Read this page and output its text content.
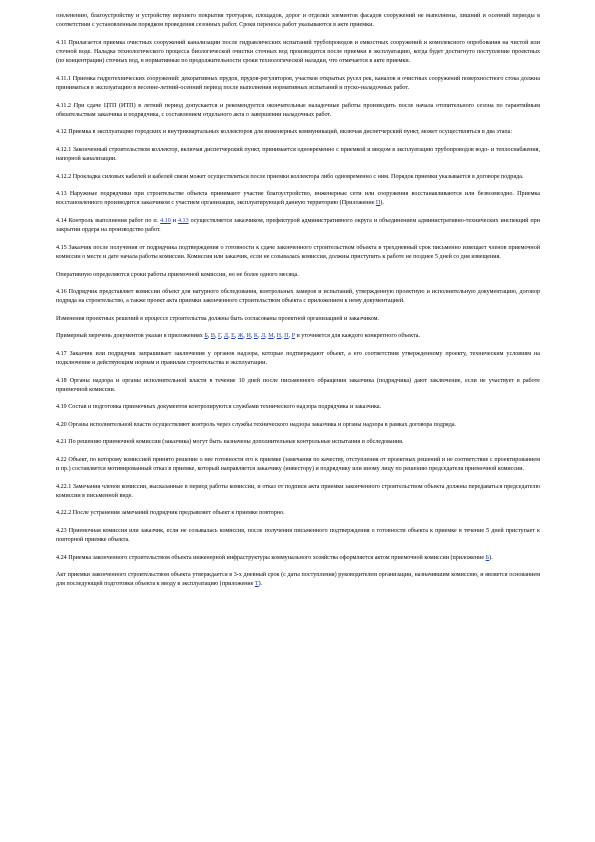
озеленению, благоустройству и устройству верхнего покрытия тротуаров, площадок, дорог и отделки элементов фасадов сооружений не выполнены, лишний и осенний периоды в соответствии с установленным порядком проведения сезонных работ. Сроки переноса работ указываются в акте приемки.

4.11 Прилагается приемка очистных сооружений канализации после гидравлических испытаний трубопроводов и емкостных сооружений и комплексного опробования на чистой или сточной воде. Наладка технологического процесса биологической очистки сточных вод производится после приемки в эксплуатацию, когда будет достигнуто поступление проектных (по концентрации) сточных вод, в нормативные по продолжительности сроки технологической наладки, что отмечается в акте приемки.

4.11.1 Приемка гидротехнических сооружений: декоративных прудов, прудов-регуляторов, участков открытых русел рек, каналов и очистных сооружений поверхностного стока должна приниматься в эксплуатацию в весенне-летний-осенний период после выполнения нормативных испытаний и пуско-наладочных работ.

4.11.2 При сдаче ЦТП (ИТП) в летний период допускается и рекомендуется окончательные наладочные работы производить после начала отопительного сезона по гарантийным обязательствам заказчика и подрядчика, с составлением отдельного акта о завершении наладочных работ.

4.12 Приемка в эксплуатацию городских и внутриквартальных коллекторов для инженерных коммуникаций, включая диспетчерский пункт, может осуществляться в два этапа:

4.12.1 Законченный строительством коллектор, включая диспетчерский пункт, принимается одновременно с приемкой и вводом в эксплуатацию трубопроводов водо- и теплоснабжения, напорной канализации.

4.12.2 Прокладка силовых кабелей и кабелей связи может осуществляться после приемки коллектора либо одновременно с ним. Порядок приемки указывается в договоре подряда.

4.13 Наружные подрядчики при строительстве объекта принимают участие благоустройство, инженерные сети или сооружения восстанавливаются или безвозмездно. Приемка восстановленного производится заказчиком с участием организации, эксплуатирующей данную территорию (Приложение П).

4.14 Контроль выполнения работ по п. 4.10 и 4.13 осуществляется заказчиком, префектурой административного округа и объединением административно-технических инспекций при закрытии ордера на производство работ.

4.15 Заказчик после получения от подрядчика подтверждения о готовности к сдаче законченного строительством объекта в трехдневный срок письменно извещает членов приемочной комиссии о месте и дате начала работы комиссии. Комиссия или заказчик, если не созывалась комиссия, должны приступить к работе не позднее 5 дней со дня извещения.

Оперативную определяются сроки работы приемочной комиссии, но не более одного месяца.

4.16 Подрядчик представляет комиссии объект для натурного обследования, контрольных замеров и испытаний, утвержденную проектную и исполнительную документацию, договор подряда на строительство, а также проект акта приемки законченного строительством объекта с приложением к нему документацией.

Изменения проектных решений в процессе строительства должны быть согласованы проектной организацией и заказчиком.

Примерный перечень документов указан в приложениях Б, В, Г, Д, Е, Ж, И, К, Л, М, Н, П, Р и уточняется для каждого конкретного объекта.

4.17 Заказчик или подрядчик запрашивает заключения у органов надзора, которые подтверждают объект, а его соответствия утвержденному проекту, техническим условиям на подключение и действующим нормам и правилам строительства и эксплуатации.

4.18 Органы надзора и органы исполнительной власти в течение 10 дней после письменного обращения заказчика (подрядчика) дают заключение, если не участвует в работе приемочной комиссии.

4.19 Состав и подготовка приемочных документов контролируются службами технического надзора подрядчика и заказчика.

4.20 Органы исполнительной власти осуществляют контроль через службы технического надзора заказчика и органы надзора в рамках договора подряда.

4.21 По решению приемочной комиссии (заказчика) могут быть назначены дополнительные контрольные испытания и обследования.

4.22 Объект, по которому комиссией принято решение о нее готовности его к приемке (замечания по качеству, отступления от проектных решений и не соответствие с проектированием и пр.) составляется мотивированный отказ в приемке, который направляется заказчику (инвестору) и подрядчику или иному лицу по решению председателя приемочной комиссии.

4.22.1 Замечания членов комиссии, высказанные в период работы комиссии, и отказ от подписи акта приемки законченного строительством объекта должны передаваться председателю комиссии в письменной виде.

4.22.2 После устранения замечаний подрядчик предъявляет объект к приемке повторно.

4.23 Приемочная комиссия или заказчик, если не созывалась комиссия, после получения письменного подтверждения о готовности объекта к приемке в течение 5 дней приступает к повторной приемке объекта.

4.24 Приемка законченного строительством объекта инженерной инфраструктуры коммунального хозяйства оформляется актом приемочной комиссии (приложение Б).

Акт приемки законченного строительством объекта утверждается в 3-х дневный срок (с даты поступления) руководителем организации, назначившим комиссию, и является основанием для последующей подготовки объекта к вводу в эксплуатацию (приложение Т).
